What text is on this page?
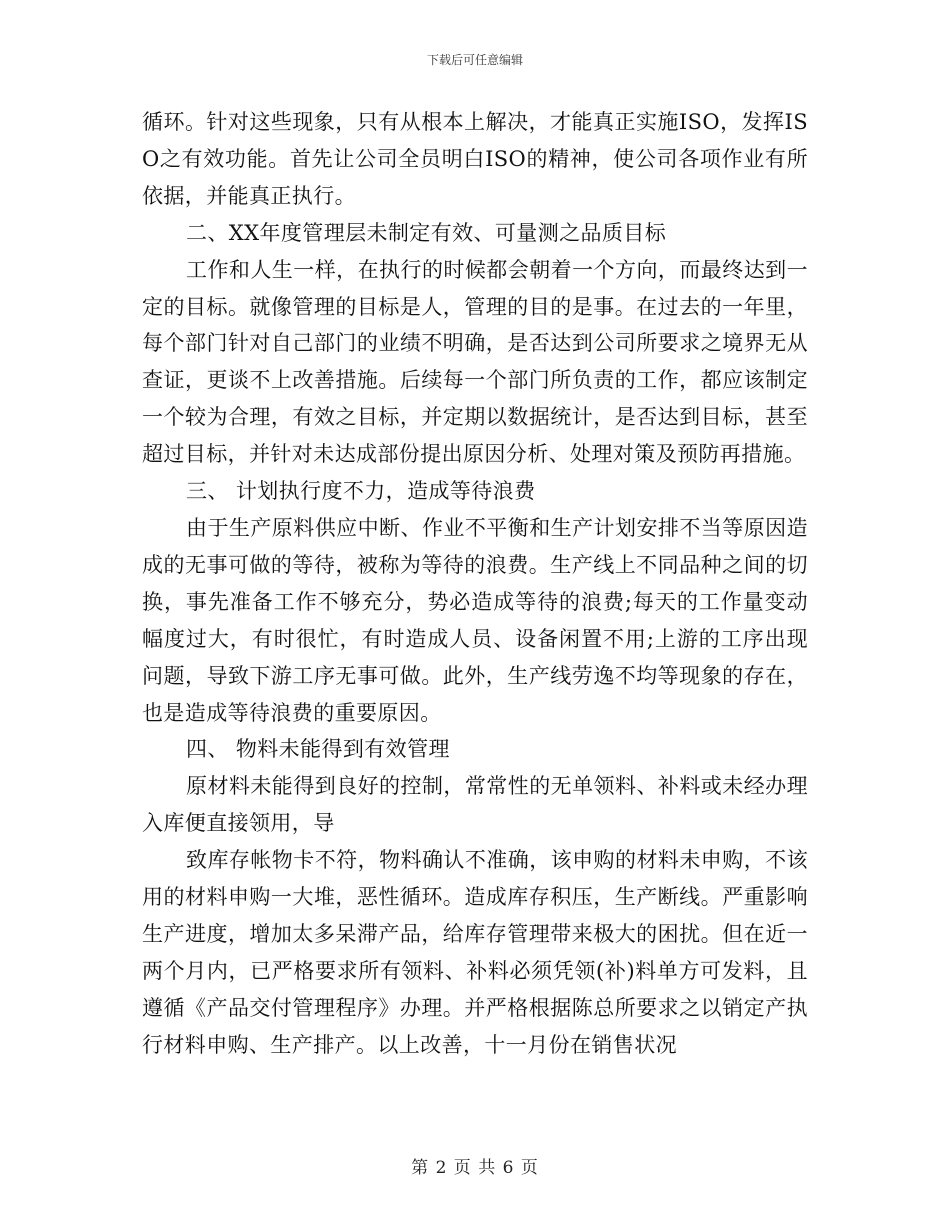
下载后可任意编辑

循环。针对这些现象，只有从根本上解决，才能真正实施ISO，发挥ISO之有效功能。首先让公司全员明白ISO的精神，使公司各项作业有所依据，并能真正执行。

二、XX年度管理层未制定有效、可量测之品质目标

工作和人生一样，在执行的时候都会朝着一个方向，而最终达到一定的目标。就像管理的目标是人，管理的目的是事。在过去的一年里，每个部门针对自己部门的业绩不明确，是否达到公司所要求之境界无从查证，更谈不上改善措施。后续每一个部门所负责的工作，都应该制定一个较为合理，有效之目标，并定期以数据统计，是否达到目标，甚至超过目标，并针对未达成部份提出原因分析、处理对策及预防再措施。

三、 计划执行度不力，造成等待浪费

由于生产原料供应中断、作业不平衡和生产计划安排不当等原因造成的无事可做的等待，被称为等待的浪费。生产线上不同品种之间的切换，事先准备工作不够充分，势必造成等待的浪费;每天的工作量变动幅度过大，有时很忙，有时造成人员、设备闲置不用;上游的工序出现问题，导致下游工序无事可做。此外，生产线劳逸不均等现象的存在，也是造成等待浪费的重要原因。

四、 物料未能得到有效管理

原材料未能得到良好的控制，常常性的无单领料、补料或未经办理入库便直接领用，导

致库存帐物卡不符，物料确认不准确，该申购的材料未申购，不该用的材料申购一大堆，恶性循环。造成库存积压，生产断线。严重影响生产进度，增加太多呆滞产品，给库存管理带来极大的困扰。但在近一两个月内，已严格要求所有领料、补料必须凭领(补)料单方可发料，且遵循《产品交付管理程序》办理。并严格根据陈总所要求之以销定产执行材料申购、生产排产。以上改善，十一月份在销售状况

第 2 页 共 6 页
